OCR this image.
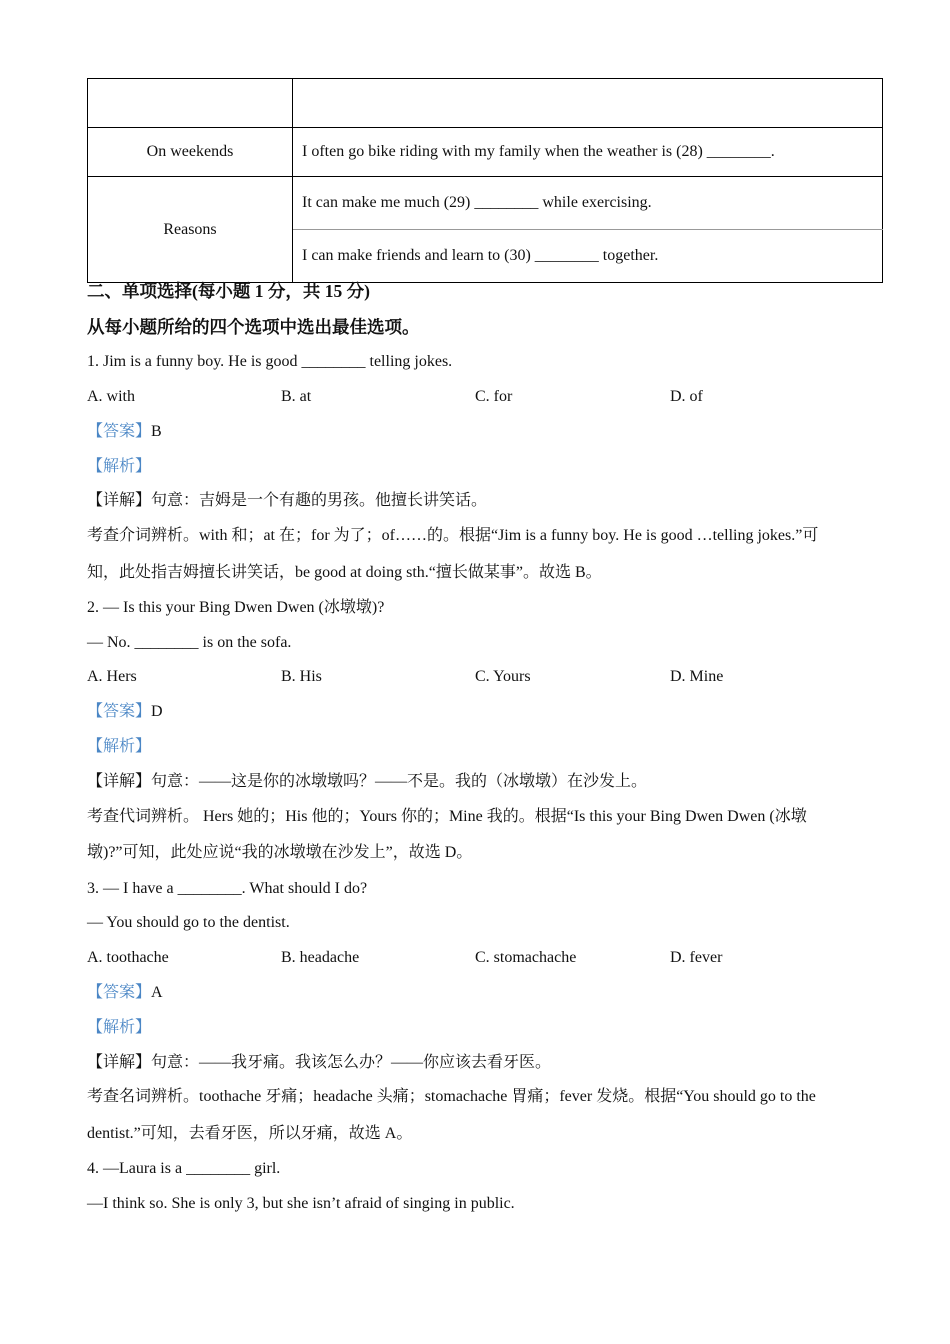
On weekends	I often go bike riding with my family when the weather is (28) ________.
Reasons	It can make me much (29) ________ while exercising.
	I can make friends and learn to (30) ________ together.
二、单项选择(每小题 1 分，共 15 分)
从每小题所给的四个选项中选出最佳选项。
1. Jim is a funny boy. He is good ________ telling jokes.
A. with	B. at	C. for	D. of
【答案】B
【解析】
【详解】句意：吉姆是一个有趣的男孩。他擅长讲笑话。
考查介词辨析。with 和；at 在；for 为了；of……的。根据“Jim is a funny boy. He is good …telling jokes.”可
知，此处指吉姆擅长讲笑话，be good at doing sth.“擅长做某事”。故选 B。
2. — Is this your Bing Dwen Dwen (冰墩墩)?
— No. ________ is on the sofa.
A. Hers	B. His	C. Yours	D. Mine
【答案】D
【解析】
【详解】句意：——这是你的冰墩墩吗？——不是。我的（冰墩墩）在沙发上。
考查代词辨析。 Hers 她的；His 他的；Yours 你的；Mine 我的。根据“Is this your Bing Dwen Dwen (冰墩
墩)?”可知，此处应说“我的冰墩墩在沙发上”，故选 D。
3. — I have a ________. What should I do?
— You should go to the dentist.
A. toothache	B. headache	C. stomachache	D. fever
【答案】A
【解析】
【详解】句意：——我牙痛。我该怎么办？——你应该去看牙医。
考查名词辨析。toothache 牙痛；headache 头痛；stomachache 胃痛；fever 发烧。根据“You should go to the
dentist.”可知，去看牙医，所以牙痛，故选 A。
4. —Laura is a ________ girl.
—I think so. She is only 3, but she isn’t afraid of singing in public.
